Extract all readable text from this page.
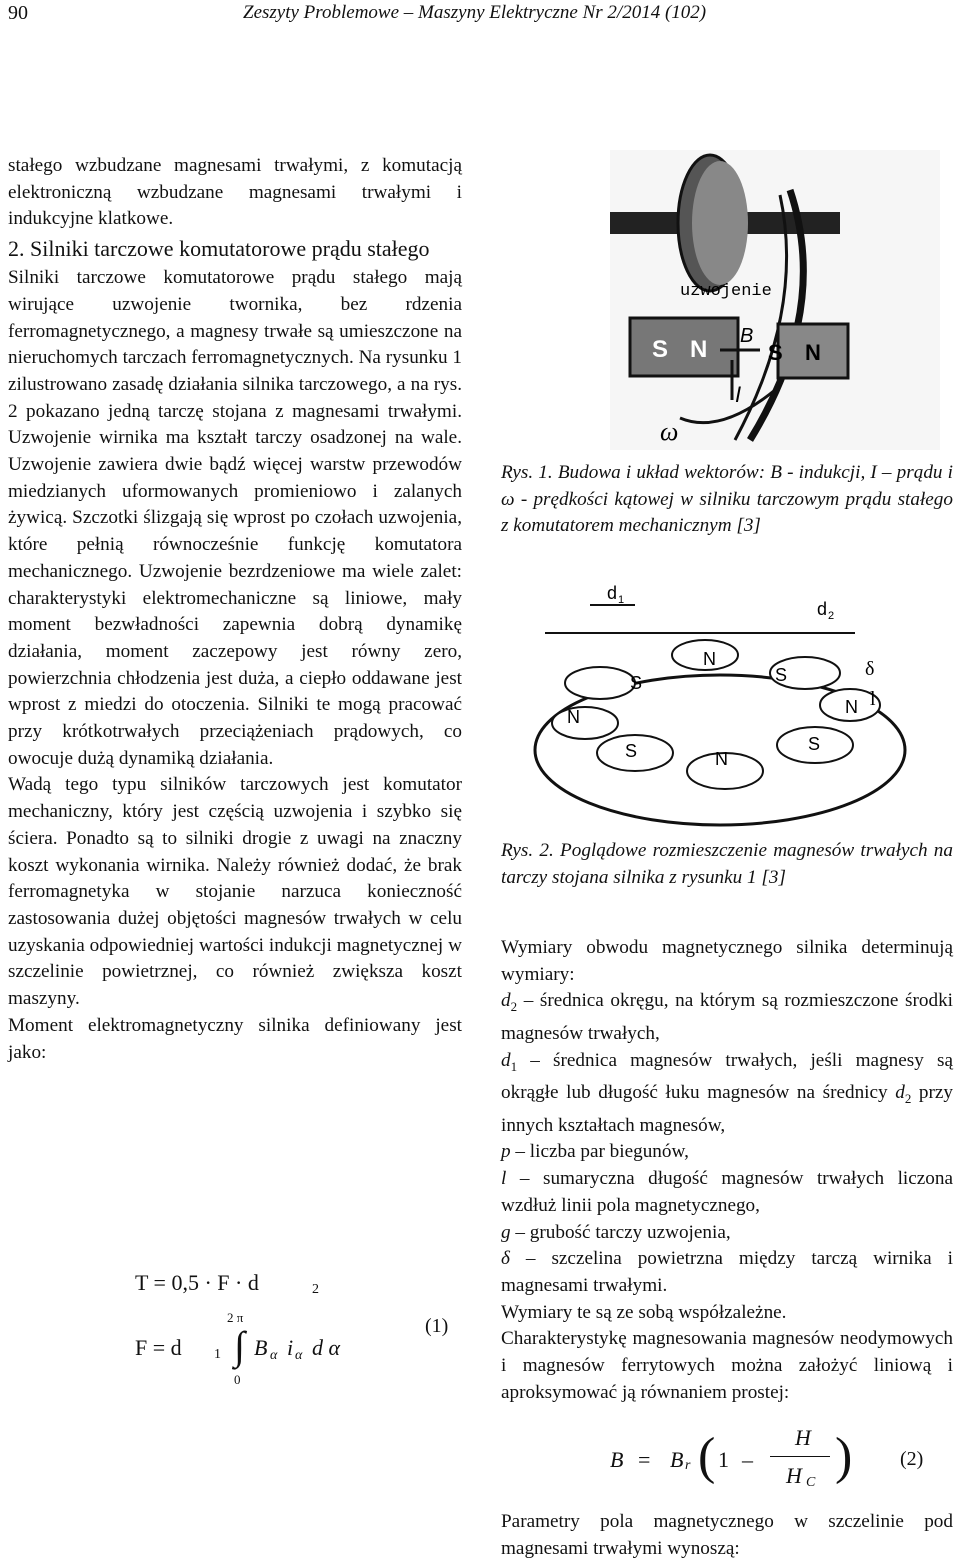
90	Zeszyty Problemowe – Maszyny Elektryczne Nr 2/2014 (102)

stałego wzbudzane magnesami trwałymi, z komutacją elektroniczną wzbudzane magnesami trwałymi i indukcyjne klatkowe.

2. Silniki tarczowe komutatorowe prądu stałego

Silniki tarczowe komutatorowe prądu stałego mają wirujące uzwojenie twornika, bez rdzenia ferromagnetycznego, a magnesy trwałe są umieszczone na nieruchomych tarczach ferromagnetycznych. Na rysunku 1 zilustrowano zasadę działania silnika tarczowego, a na rys. 2 pokazano jedną tarczę stojana z magnesami trwałymi. Uzwojenie wirnika ma kształt tarczy osadzonej na wale. Uzwojenie zawiera dwie bądź więcej warstw przewodów miedzianych uformowanych promieniowo i zalanych żywicą. Szczotki ślizgają się wprost po czołach uzwojenia, które pełnią równocześnie funkcję komutatora mechanicznego. Uzwojenie bezrdzeniowe ma wiele zalet: charakterystyki elektromechaniczne są liniowe, mały moment bezwładności zapewnia dobrą dynamikę działania, moment zaczepowy jest równy zero, powierzchnia chłodzenia jest duża, a ciepło oddawane jest wprost z miedzi do otoczenia. Silniki te mogą pracować przy krótkotrwałych przeciążeniach prądowych, co owocuje dużą dynamiką działania.

Wadą tego typu silników tarczowych jest komutator mechaniczny, który jest częścią uzwojenia i szybko się ściera. Ponadto są to silniki drogie z uwagi na znaczny koszt wykonania wirnika. Należy również dodać, że brak ferromagnetyka w stojanie narzuca konieczność zastosowania dużej objętości magnesów trwałych w celu uzyskania odpowiedniej wartości indukcji magnetycznej w szczelinie powietrznej, co również zwiększa koszt maszyny.

Moment elektromagnetyczny silnika definiowany jest jako:

T = 0,5 · F · d	2
F = d 1
2 π
∫
0
B α i α d α
(1)
uzwojenie
S N	S N
B
I
ω
Rys. 1. Budowa i układ wektorów: B - indukcji, I – prądu i ω - prędkości kątowej w silniku tarczowym prądu stałego z komutatorem mechanicznym [3]
S
N
S
N
N
S	N
S
d 1	d 2
δ
l
Rys. 2. Poglądowe rozmieszczenie magnesów trwałych na tarczy stojana silnika z rysunku 1 [3]

Wymiary obwodu magnetycznego silnika determinują wymiary:

$d_2$ – średnica okręgu, na którym są rozmieszczone środki magnesów trwałych,

$d_1$ – średnica magnesów trwałych, jeśli magnesy są okrągłe lub długość łuku magnesów na średnicy $d_2$ przy innych kształtach magnesów,

p – liczba par biegunów,

l – sumaryczna długość magnesów trwałych liczona wzdłuż linii pola magnetycznego,

g – grubość tarczy uzwojenia,

δ – szczelina powietrzna między tarczą wirnika i magnesami trwałymi.

Wymiary te są ze sobą współzależne.

Charakterystykę magnesowania magnesów neodymowych i magnesów ferrytowych można założyć liniową i aproksymować ją równaniem prostej:

B = B r ( 1 –
H
H C ) (2)
Parametry pola magnetycznego w szczelinie pod magnesami trwałymi wynoszą:
